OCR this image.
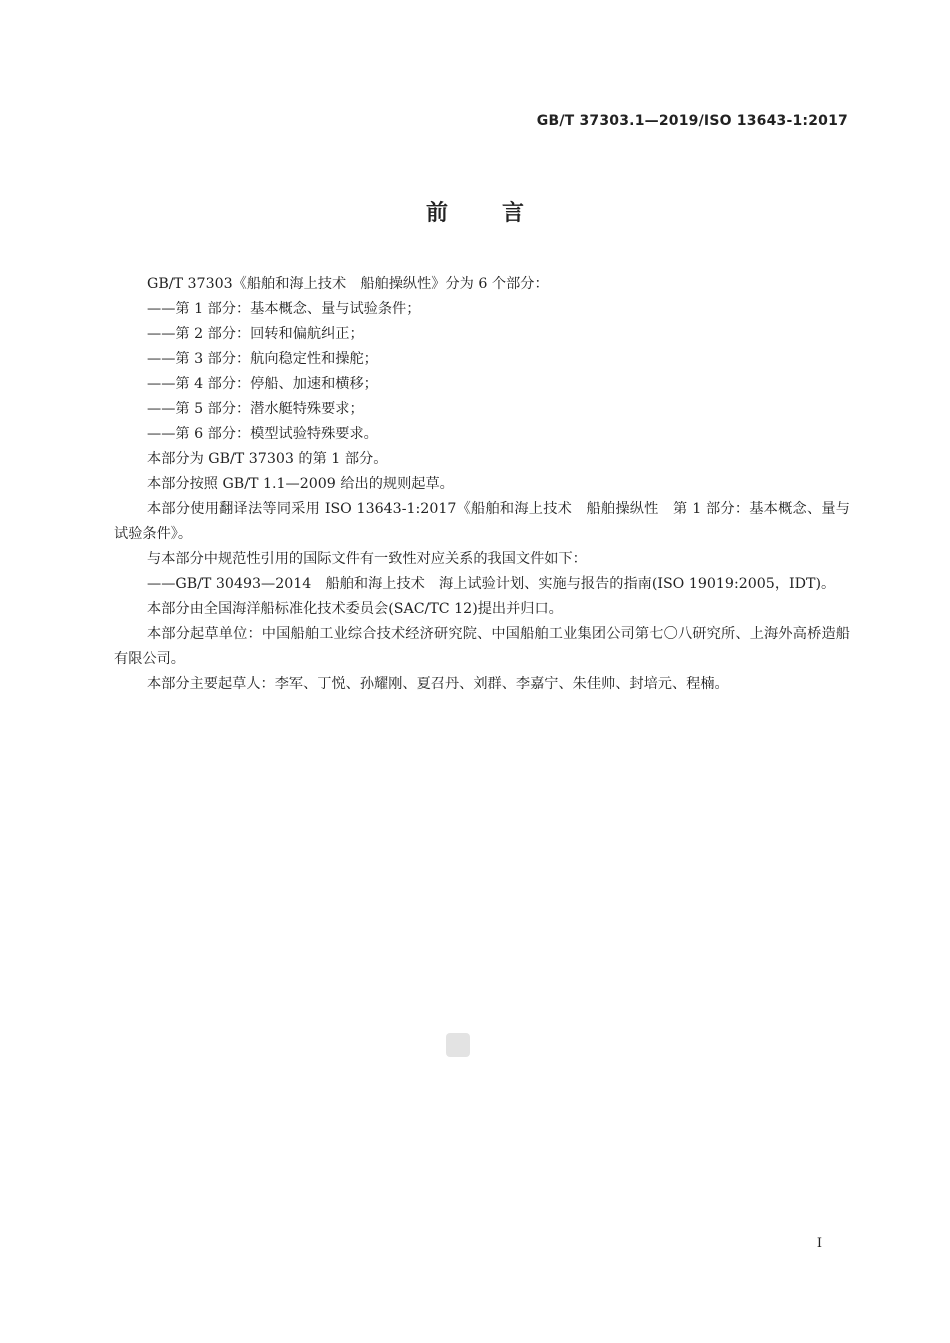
GB/T 37303.1—2019/ISO 13643-1:2017
前 言

GB/T 37303《船舶和海上技术　船舶操纵性》分为 6 个部分：

——第 1 部分：基本概念、量与试验条件；

——第 2 部分：回转和偏航纠正；

——第 3 部分：航向稳定性和操舵；

——第 4 部分：停船、加速和横移；

——第 5 部分：潜水艇特殊要求；

——第 6 部分：模型试验特殊要求。

本部分为 GB/T 37303 的第 1 部分。

本部分按照 GB/T 1.1—2009 给出的规则起草。

本部分使用翻译法等同采用 ISO 13643-1:2017《船舶和海上技术　船舶操纵性　第 1 部分：基本概念、量与试验条件》。

与本部分中规范性引用的国际文件有一致性对应关系的我国文件如下：

——GB/T 30493—2014　船舶和海上技术　海上试验计划、实施与报告的指南(ISO 19019:2005，IDT)。

本部分由全国海洋船标准化技术委员会(SAC/TC 12)提出并归口。

本部分起草单位：中国船舶工业综合技术经济研究院、中国船舶工业集团公司第七〇八研究所、上海外高桥造船有限公司。

本部分主要起草人：李军、丁悦、孙耀刚、夏召丹、刘群、李嘉宁、朱佳帅、封培元、程楠。

I
